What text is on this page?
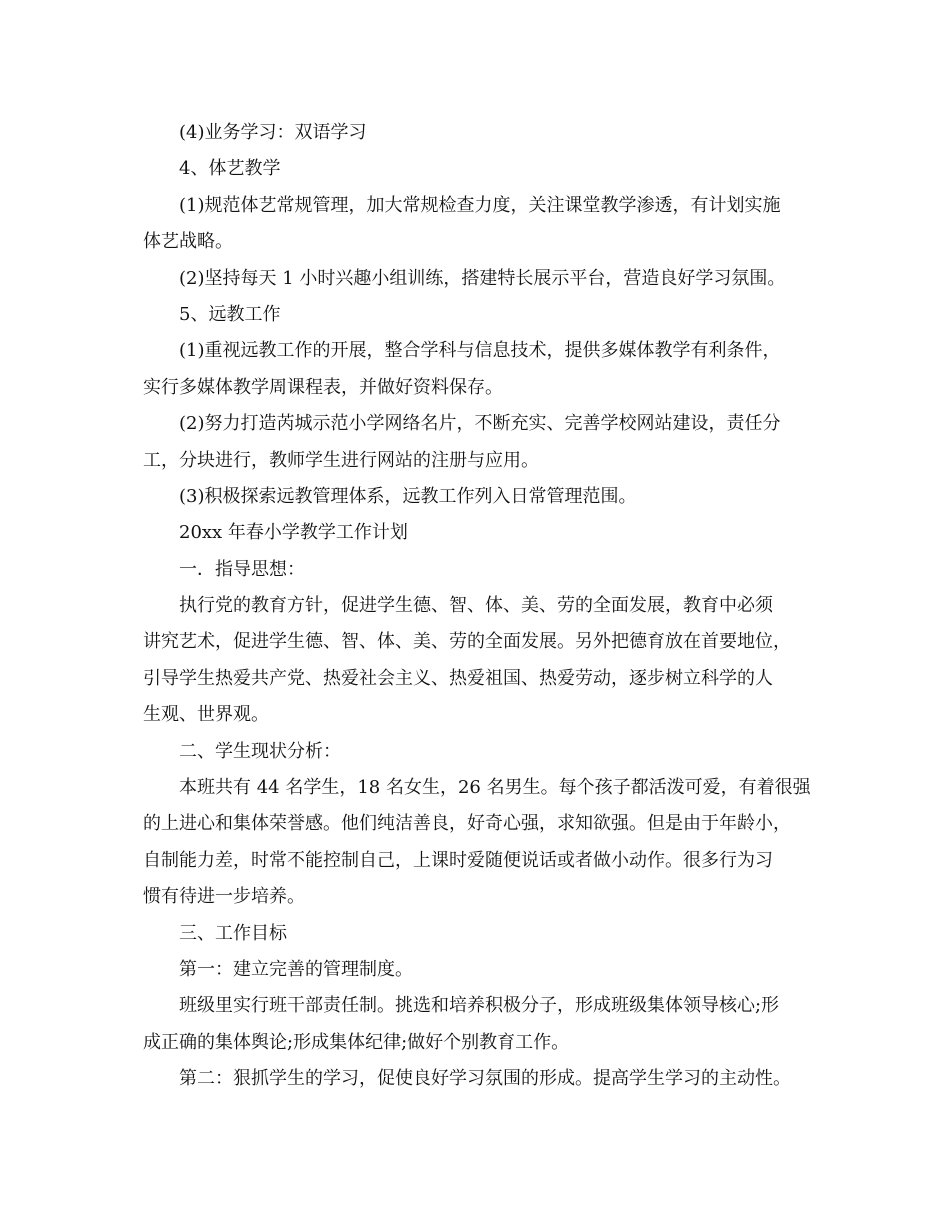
(4)业务学习：双语学习
4、体艺教学
(1)规范体艺常规管理，加大常规检查力度，关注课堂教学渗透，有计划实施
体艺战略。
(2)坚持每天 1 小时兴趣小组训练，搭建特长展示平台，营造良好学习氛围。
5、远教工作
(1)重视远教工作的开展，整合学科与信息技术，提供多媒体教学有利条件，
实行多媒体教学周课程表，并做好资料保存。
(2)努力打造芮城示范小学网络名片，不断充实、完善学校网站建设，责任分
工，分块进行，教师学生进行网站的注册与应用。
(3)积极探索远教管理体系，远教工作列入日常管理范围。
20xx 年春小学教学工作计划
一．指导思想：
执行党的教育方针，促进学生德、智、体、美、劳的全面发展，教育中必须
讲究艺术，促进学生德、智、体、美、劳的全面发展。另外把德育放在首要地位，
引导学生热爱共产党、热爱社会主义、热爱祖国、热爱劳动，逐步树立科学的人
生观、世界观。
二、学生现状分析：
本班共有 44 名学生，18 名女生，26 名男生。每个孩子都活泼可爱，有着很强
的上进心和集体荣誉感。他们纯洁善良，好奇心强，求知欲强。但是由于年龄小，
自制能力差，时常不能控制自己，上课时爱随便说话或者做小动作。很多行为习
惯有待进一步培养。
三、工作目标
第一：建立完善的管理制度。
班级里实行班干部责任制。挑选和培养积极分子，形成班级集体领导核心;形
成正确的集体舆论;形成集体纪律;做好个别教育工作。
第二：狠抓学生的学习，促使良好学习氛围的形成。提高学生学习的主动性。
